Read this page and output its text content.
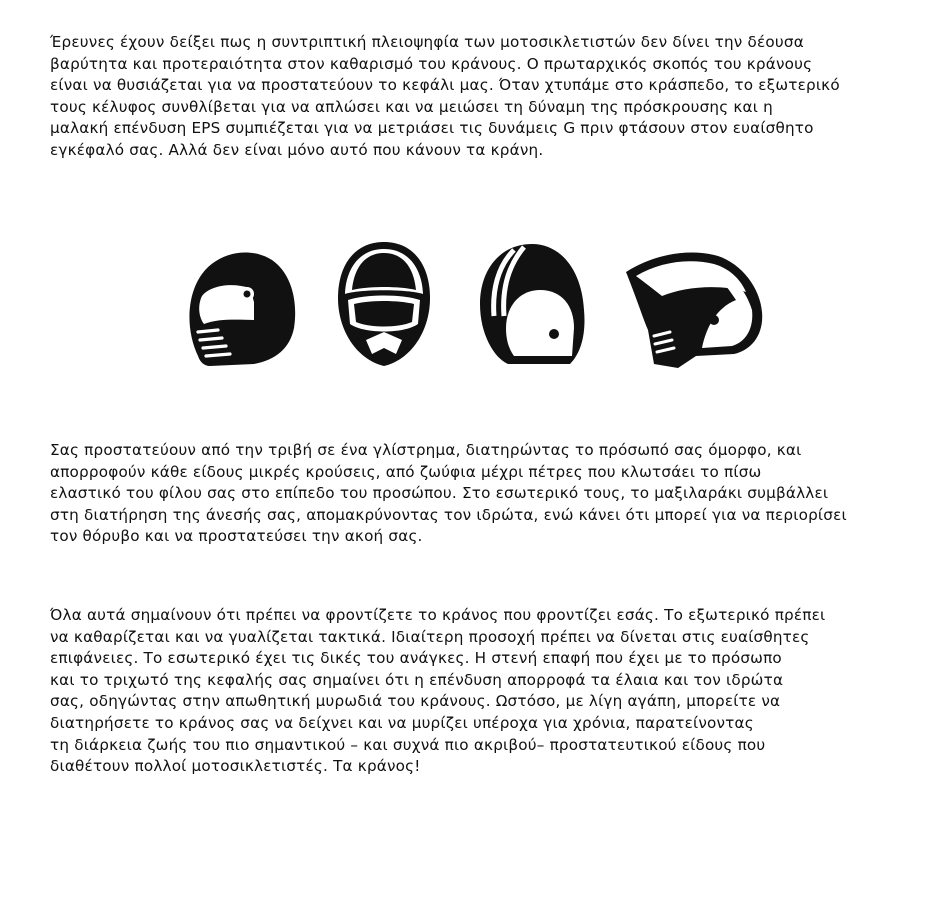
Έρευνες έχουν δείξει πως η συντριπτική πλειοψηφία των μοτοσικλετιστών δεν δίνει την δέουσα
βαρύτητα και προτεραιότητα στον καθαρισμό του κράνους. Ο πρωταρχικός σκοπός του κράνους
είναι να θυσιάζεται για να προστατεύουν το κεφάλι μας. Όταν χτυπάμε στο κράσπεδο, το εξωτερικό
τους κέλυφος συνθλίβεται για να απλώσει και να μειώσει τη δύναμη της πρόσκρουσης και η
μαλακή επένδυση EPS συμπιέζεται για να μετριάσει τις δυνάμεις G πριν φτάσουν στον ευαίσθητο
εγκέφαλό σας. Αλλά δεν είναι μόνο αυτό που κάνουν τα κράνη.

Σας προστατεύουν από την τριβή σε ένα γλίστρημα, διατηρώντας το πρόσωπό σας όμορφο, και
απορροφούν κάθε είδους μικρές κρούσεις, από ζωύφια μέχρι πέτρες που κλωτσάει το πίσω
ελαστικό του φίλου σας στο επίπεδο του προσώπου. Στο εσωτερικό τους, το μαξιλαράκι συμβάλλει
στη διατήρηση της άνεσής σας, απομακρύνοντας τον ιδρώτα, ενώ κάνει ότι μπορεί για να περιορίσει
τον θόρυβο και να προστατεύσει την ακοή σας.

Όλα αυτά σημαίνουν ότι πρέπει να φροντίζετε το κράνος που φροντίζει εσάς. Το εξωτερικό πρέπει
να καθαρίζεται και να γυαλίζεται τακτικά. Ιδιαίτερη προσοχή πρέπει να δίνεται στις ευαίσθητες
επιφάνειες. Το εσωτερικό έχει τις δικές του ανάγκες. Η στενή επαφή που έχει με το πρόσωπο
και το τριχωτό της κεφαλής σας σημαίνει ότι η επένδυση απορροφά τα έλαια και τον ιδρώτα
σας, οδηγώντας στην απωθητική μυρωδιά του κράνους. Ωστόσο, με λίγη αγάπη, μπορείτε να
διατηρήσετε το κράνος σας να δείχνει και να μυρίζει υπέροχα για χρόνια, παρατείνοντας
τη διάρκεια ζωής του πιο σημαντικού – και συχνά πιο ακριβού– προστατευτικού είδους που
διαθέτουν πολλοί μοτοσικλετιστές. Τα κράνος!
